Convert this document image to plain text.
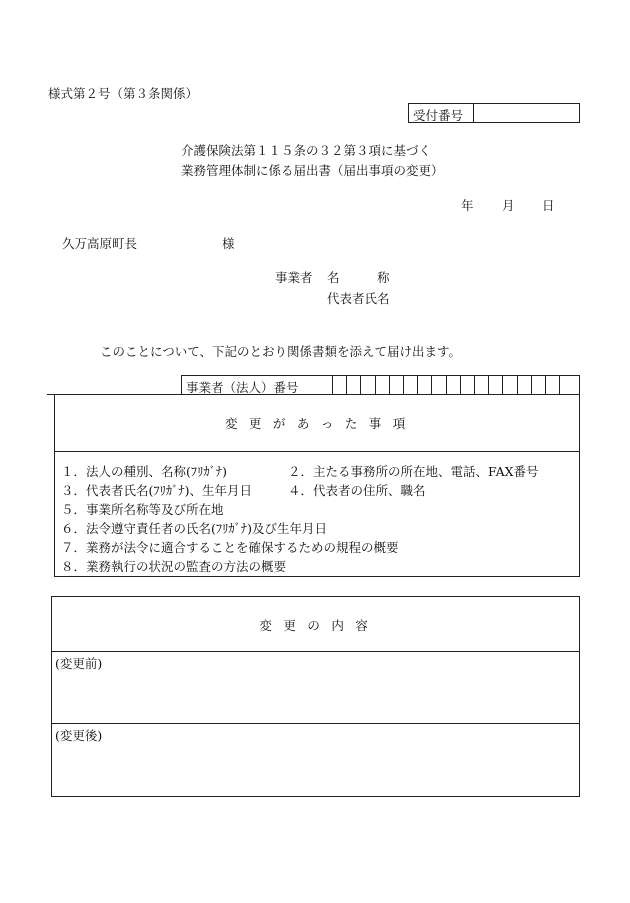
様式第２号（第３条関係）
受付番号
介護保険法第１１５条の３２第３項に基づく
業務管理体制に係る届出書（届出事項の変更）
年 月 日
久万高原町長	様
事業者 名　　　称
代表者氏名
このことについて、下記のとおり関係書類を添えて届け出ます。
事業者（法人）番号
変 更 が あ っ た 事 項
１．法人の種別、名称(ﾌﾘｶﾞﾅ)	２．主たる事務所の所在地、電話、FAX番号
３．代表者氏名(ﾌﾘｶﾞﾅ)、生年月日	４．代表者の住所、職名
５．事業所名称等及び所在地
６．法令遵守責任者の氏名(ﾌﾘｶﾞﾅ)及び生年月日
７．業務が法令に適合することを確保するための規程の概要
８．業務執行の状況の監査の方法の概要
変 更 の 内 容
(変更前)
(変更後)
